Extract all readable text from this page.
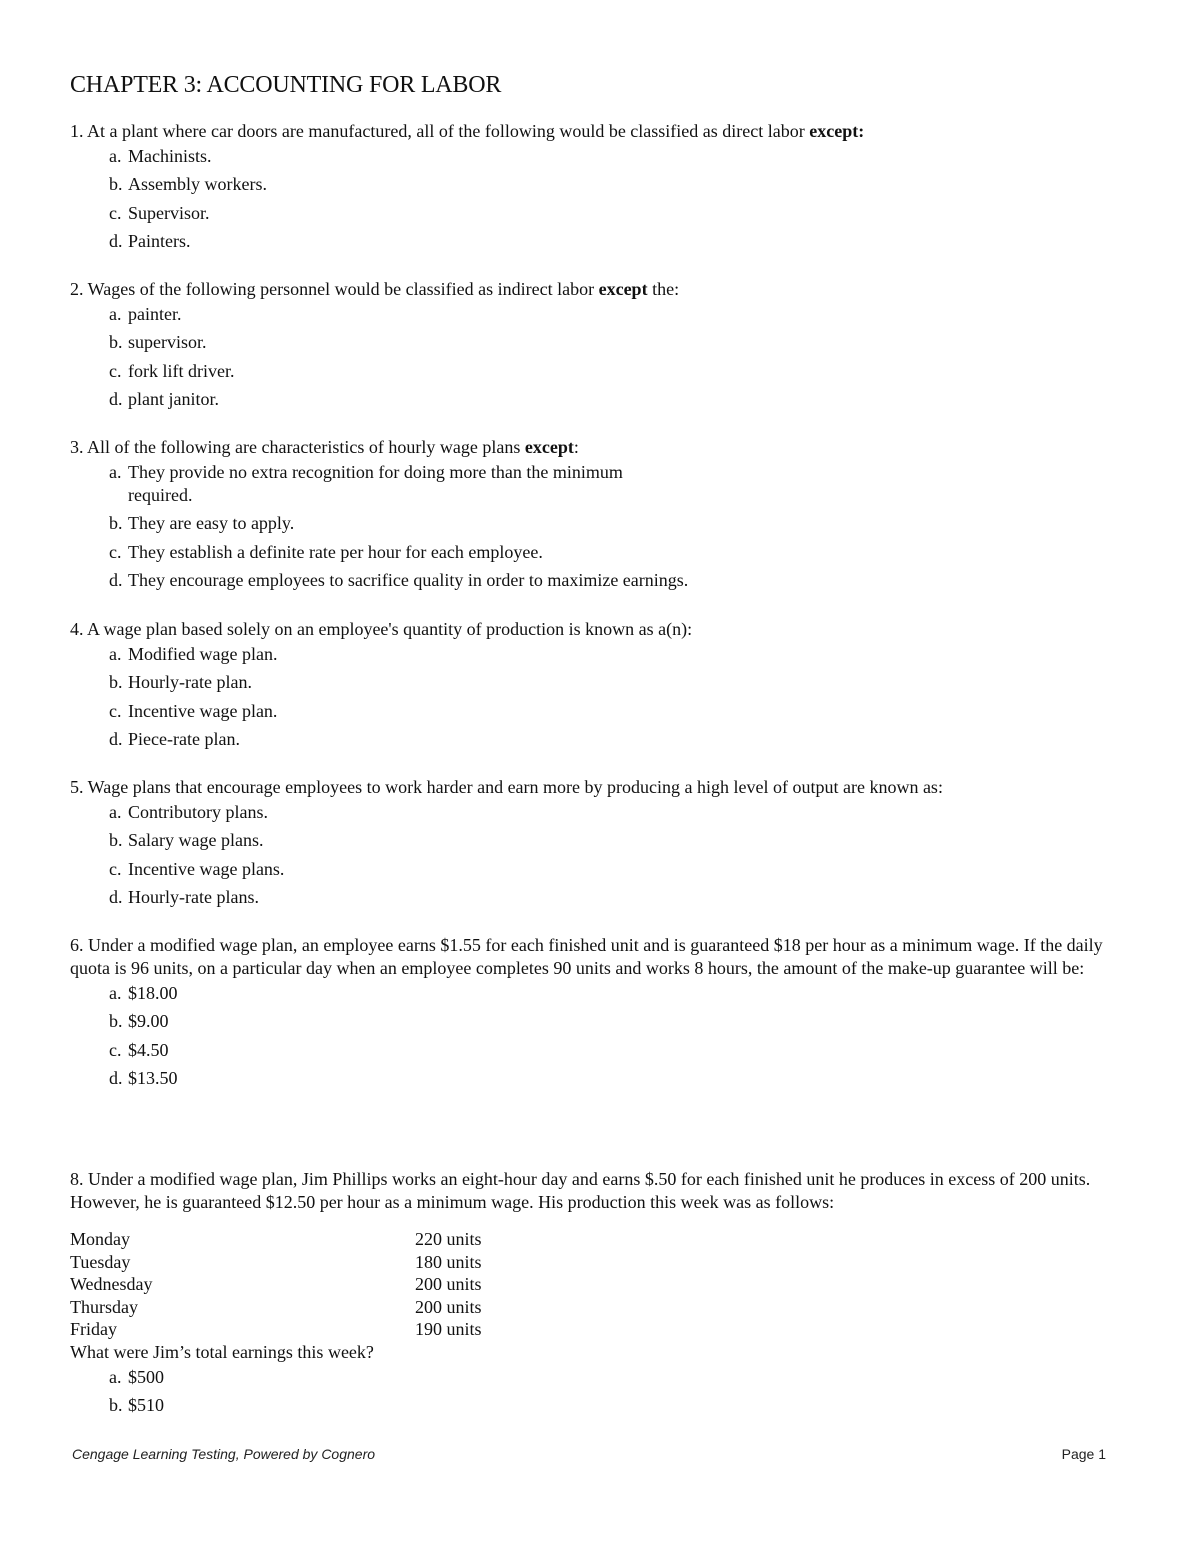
CHAPTER 3: ACCOUNTING FOR LABOR

1. At a plant where car doors are manufactured, all of the following would be classified as direct labor except:

a. Machinists.
b. Assembly workers.
c. Supervisor.
d. Painters.

2. Wages of the following personnel would be classified as indirect labor except the:

a. painter.
b. supervisor.
c. fork lift driver.
d. plant janitor.

3. All of the following are characteristics of hourly wage plans except:

a. They provide no extra recognition for doing more than the minimum required.
b. They are easy to apply.
c. They establish a definite rate per hour for each employee.
d. They encourage employees to sacrifice quality in order to maximize earnings.

4. A wage plan based solely on an employee's quantity of production is known as a(n):

a. Modified wage plan.
b. Hourly-rate plan.
c. Incentive wage plan.
d. Piece-rate plan.

5. Wage plans that encourage employees to work harder and earn more by producing a high level of output are known as:

a. Contributory plans.
b. Salary wage plans.
c. Incentive wage plans.
d. Hourly-rate plans.

6. Under a modified wage plan, an employee earns $1.55 for each finished unit and is guaranteed $18 per hour as a minimum wage. If the daily quota is 96 units, on a particular day when an employee completes 90 units and works 8 hours, the amount of the make-up guarantee will be:

a. $18.00
b. $9.00
c. $4.50
d. $13.50

8. Under a modified wage plan, Jim Phillips works an eight-hour day and earns $.50 for each finished unit he produces in excess of 200 units. However, he is guaranteed $12.50 per hour as a minimum wage. His production this week was as follows:

Monday	220 units
Tuesday	180 units
Wednesday	200 units
Thursday	200 units
Friday	190 units

What were Jim’s total earnings this week?

a. $500
b. $510
Cengage Learning Testing, Powered by Cognero	Page 1
